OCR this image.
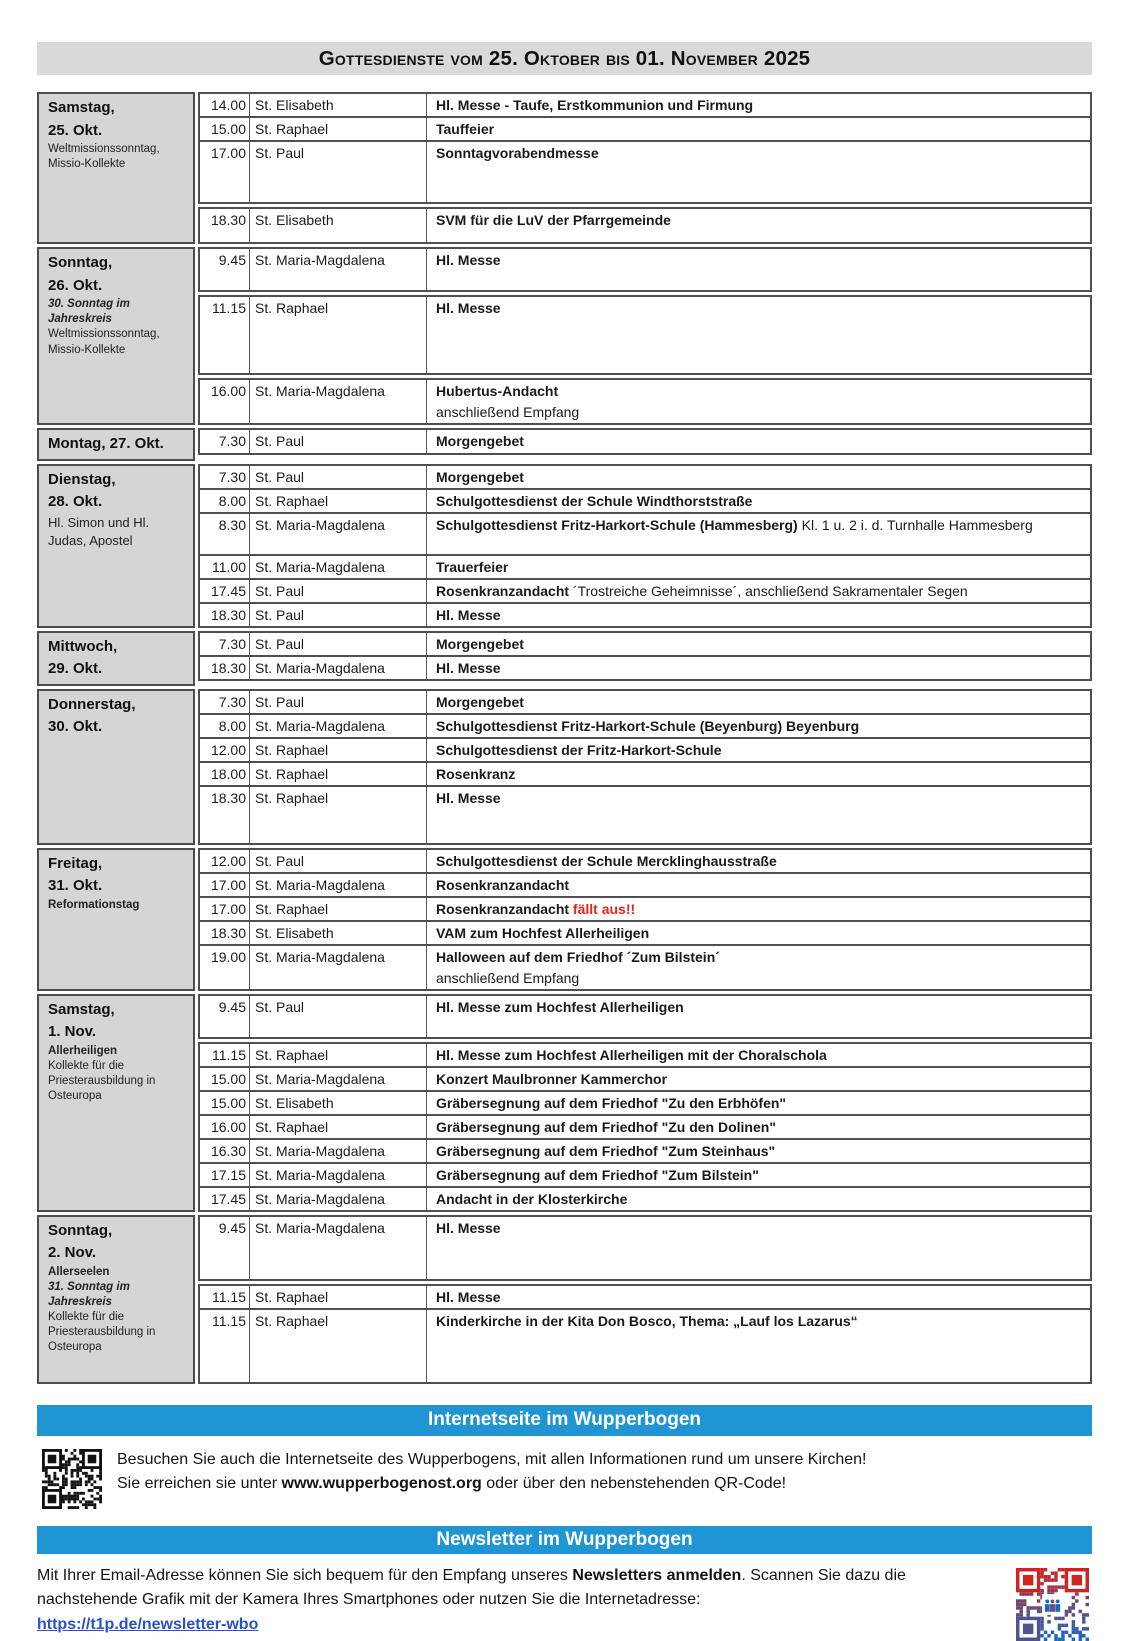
Gottesdienste vom 25. Oktober bis 01. November 2025
Samstag,
25. Okt.
Weltmissionssonntag,
Missio-Kollekte
14.00 St. Elisabeth	Hl. Messe - Taufe, Erstkommunion und Firmung
15.00 St. Raphael	Tauffeier
17.00 St. Paul	Sonntagvorabendmesse
18.30 St. Elisabeth	SVM für die LuV der Pfarrgemeinde
Sonntag,
26. Okt.
30. Sonntag im Jahreskreis
Weltmissionssonntag,
Missio-Kollekte
9.45 St. Maria-Magdalena	Hl. Messe
11.15 St. Raphael	Hl. Messe
16.00 St. Maria-Magdalena	Hubertus-Andacht
anschließend Empfang
Montag, 27. Okt.	7.30 St. Paul	Morgengebet
Dienstag,
28. Okt.
Hl. Simon und Hl. Judas, Apostel
7.30 St. Paul	Morgengebet
8.00 St. Raphael	Schulgottesdienst der Schule Windthorststraße
8.30 St. Maria-Magdalena	Schulgottesdienst Fritz-Harkort-Schule (Hammesberg) Kl. 1 u. 2 i. d. Turnhalle Hammesberg
11.00 St. Maria-Magdalena	Trauerfeier
17.45 St. Paul	Rosenkranzandacht ´Trostreiche Geheimnisse´, anschließend Sakramentaler Segen
18.30 St. Paul	Hl. Messe
Mittwoch,
29. Okt.
7.30 St. Paul	Morgengebet
18.30 St. Maria-Magdalena	Hl. Messe
Donnerstag,
30. Okt.
7.30 St. Paul	Morgengebet
8.00 St. Maria-Magdalena	Schulgottesdienst Fritz-Harkort-Schule (Beyenburg) Beyenburg
12.00 St. Raphael	Schulgottesdienst der Fritz-Harkort-Schule
18.00 St. Raphael	Rosenkranz
18.30 St. Raphael	Hl. Messe
Freitag,
31. Okt.
Reformationstag
12.00 St. Paul	Schulgottesdienst der Schule Mercklinghausstraße
17.00 St. Maria-Magdalena	Rosenkranzandacht
17.00 St. Raphael	Rosenkranzandacht fällt aus!!
18.30 St. Elisabeth	VAM zum Hochfest Allerheiligen
19.00 St. Maria-Magdalena	Halloween auf dem Friedhof ´Zum Bilstein´
anschließend Empfang
Samstag,
1. Nov.
Allerheiligen
Kollekte für die Priesterausbildung in Osteuropa
9.45 St. Paul	Hl. Messe zum Hochfest Allerheiligen
11.15 St. Raphael	Hl. Messe zum Hochfest Allerheiligen mit der Choralschola
15.00 St. Maria-Magdalena	Konzert Maulbronner Kammerchor
15.00 St. Elisabeth	Gräbersegnung auf dem Friedhof "Zu den Erbhöfen"
16.00 St. Raphael	Gräbersegnung auf dem Friedhof "Zu den Dolinen"
16.30 St. Maria-Magdalena	Gräbersegnung auf dem Friedhof "Zum Steinhaus"
17.15 St. Maria-Magdalena	Gräbersegnung auf dem Friedhof "Zum Bilstein"
17.45 St. Maria-Magdalena	Andacht in der Klosterkirche
Sonntag,
2. Nov.
Allerseelen
31. Sonntag im Jahreskreis
Kollekte für die Priesterausbildung in Osteuropa
9.45 St. Maria-Magdalena	Hl. Messe
11.15 St. Raphael	Hl. Messe
11.15 St. Raphael	Kinderkirche in der Kita Don Bosco, Thema: „Lauf los Lazarus“
Internetseite im Wupperbogen
Besuchen Sie auch die Internetseite des Wupperbogens, mit allen Informationen rund um unsere Kirchen!
Sie erreichen sie unter www.wupperbogenost.org oder über den nebenstehenden QR-Code!
Newsletter im Wupperbogen
Mit Ihrer Email-Adresse können Sie sich bequem für den Empfang unseres Newsletters anmelden. Scannen Sie dazu die nachstehende Grafik mit der Kamera Ihres Smartphones oder nutzen Sie die Internetadresse:
https://t1p.de/newsletter-wbo
